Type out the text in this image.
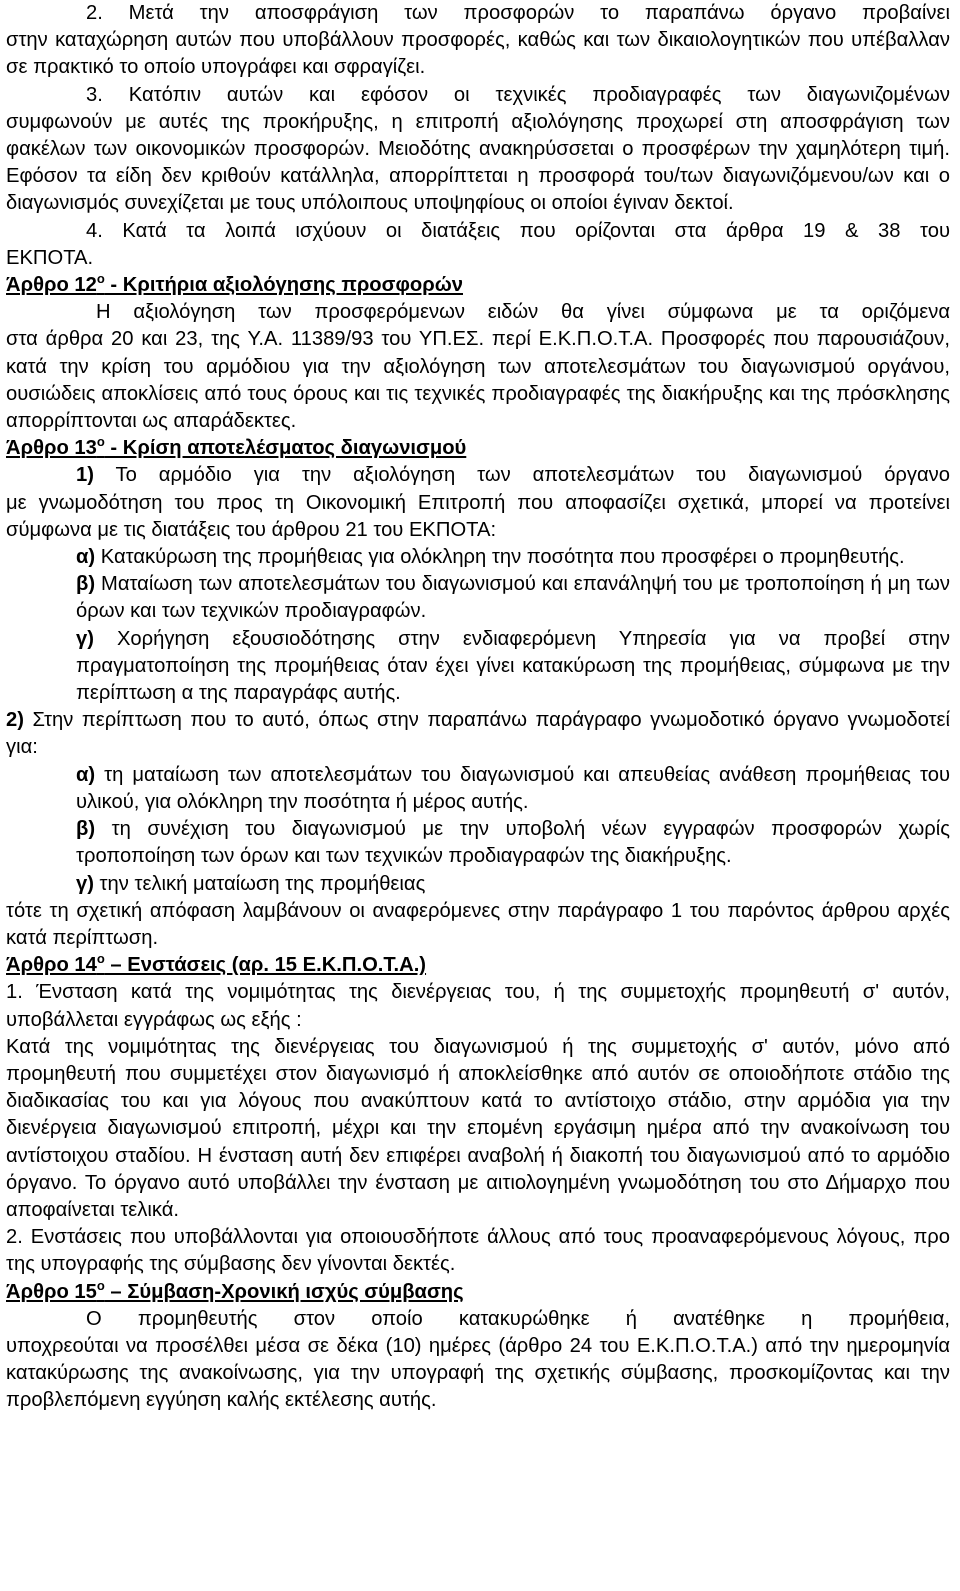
2. Μετά την αποσφράγιση των προσφορών το παραπάνω όργανο προβαίνει

στην καταχώρηση αυτών που υποβάλλουν προσφορές, καθώς και των δικαιολογητικών που υπέβαλλαν σε πρακτικό το οποίο υπογράφει και σφραγίζει.

3. Κατόπιν αυτών και εφόσον οι τεχνικές προδιαγραφές των διαγωνιζομένων

συμφωνούν με αυτές της προκήρυξης, η επιτροπή αξιολόγησης προχωρεί στη αποσφράγιση των φακέλων των οικονομικών προσφορών. Μειοδότης ανακηρύσσεται ο προσφέρων την χαμηλότερη τιμή. Εφόσον τα είδη δεν κριθούν κατάλληλα, απορρίπτεται η προσφορά του/των διαγωνιζόμενου/ων και ο διαγωνισμός συνεχίζεται με τους υπόλοιπους υποψηφίους οι οποίοι έγιναν δεκτοί.

4. Κατά τα λοιπά ισχύουν οι διατάξεις που ορίζονται στα άρθρα 19 & 38 του

ΕΚΠΟΤΑ.

Άρθρο $12^o$ - Κριτήρια αξιολόγησης προσφορών

Η αξιολόγηση των προσφερόμενων ειδών θα γίνει σύμφωνα με τα οριζόμενα

στα άρθρα 20 και 23, της Υ.Α. 11389/93 του ΥΠ.ΕΣ. περί Ε.Κ.Π.Ο.Τ.Α. Προσφορές που παρουσιάζουν, κατά την κρίση του αρμόδιου για την αξιολόγηση των αποτελεσμάτων του διαγωνισμού οργάνου, ουσιώδεις αποκλίσεις από τους όρους και τις τεχνικές προδιαγραφές της διακήρυξης και της πρόσκλησης απορρίπτονται ως απαράδεκτες.

Άρθρο $13^o$ - Κρίση αποτελέσματος διαγωνισμού

1) Το αρμόδιο για την αξιολόγηση των αποτελεσμάτων του διαγωνισμού όργανο

με γνωμοδότηση του προς τη Οικονομική Επιτροπή που αποφασίζει σχετικά, μπορεί να προτείνει σύμφωνα με τις διατάξεις του άρθρου 21 του ΕΚΠΟΤΑ:

α) Κατακύρωση της προμήθειας για ολόκληρη την ποσότητα που προσφέρει ο προμηθευτής.

β) Ματαίωση των αποτελεσμάτων του διαγωνισμού και επανάληψή του με τροποποίηση ή μη των όρων και των τεχνικών προδιαγραφών.

γ) Χορήγηση εξουσιοδότησης στην ενδιαφερόμενη Υπηρεσία για να προβεί στην πραγματοποίηση της προμήθειας όταν έχει γίνει κατακύρωση της προμήθειας, σύμφωνα με την περίπτωση α της παραγράφς αυτής.

2) Στην περίπτωση που το αυτό, όπως στην παραπάνω παράγραφο γνωμοδοτικό όργανο γνωμοδοτεί για:

α) τη ματαίωση των αποτελεσμάτων του διαγωνισμού και απευθείας ανάθεση προμήθειας του υλικού, για ολόκληρη την ποσότητα ή μέρος αυτής.

β) τη συνέχιση του διαγωνισμού με την υποβολή νέων εγγραφών προσφορών χωρίς τροποποίηση των όρων και των τεχνικών προδιαγραφών της διακήρυξης.

γ) την τελική ματαίωση της προμήθειας

τότε τη σχετική απόφαση λαμβάνουν οι αναφερόμενες στην παράγραφο 1 του παρόντος άρθρου αρχές κατά περίπτωση.

Άρθρο $14^o$ – Ενστάσεις (αρ. 15 Ε.Κ.Π.Ο.Τ.Α.)

1. Ένσταση κατά της νομιμότητας της διενέργειας του, ή της συμμετοχής προμηθευτή σ' αυτόν, υποβάλλεται εγγράφως ως εξής :

Κατά της νομιμότητας της διενέργειας του διαγωνισμού ή της συμμετοχής σ' αυτόν, μόνο από προμηθευτή που συμμετέχει στον διαγωνισμό ή αποκλείσθηκε από αυτόν σε οποιοδήποτε στάδιο της διαδικασίας του και για λόγους που ανακύπτουν κατά το αντίστοιχο στάδιο, στην αρμόδια για την διενέργεια διαγωνισμού επιτροπή, μέχρι και την επομένη εργάσιμη ημέρα από την ανακοίνωση του αντίστοιχου σταδίου. Η ένσταση αυτή δεν επιφέρει αναβολή ή διακοπή του διαγωνισμού από το αρμόδιο όργανο. Το όργανο αυτό υποβάλλει την ένσταση με αιτιολογημένη γνωμοδότηση του στο Δήμαρχο που αποφαίνεται τελικά.

2. Ενστάσεις που υποβάλλονται για οποιουσδήποτε άλλους από τους προαναφερόμενους λόγους, προ της υπογραφής της σύμβασης δεν γίνονται δεκτές.

Άρθρο $15^o - \Sigma ύ\mu\beta\alpha\sigma\eta-X\rho o\nu\iota\kappa ή$ ισχύς σύμβασης

Ο προμηθευτής στον οποίο κατακυρώθηκε ή ανατέθηκε η προμήθεια,

υποχρεούται να προσέλθει μέσα σε δέκα (10) ημέρες (άρθρο 24 του Ε.Κ.Π.Ο.Τ.Α.) από την ημερομηνία κατακύρωσης της ανακοίνωσης, για την υπογραφή της σχετικής σύμβασης, προσκομίζοντας και την προβλεπόμενη εγγύηση καλής εκτέλεσης αυτής.
